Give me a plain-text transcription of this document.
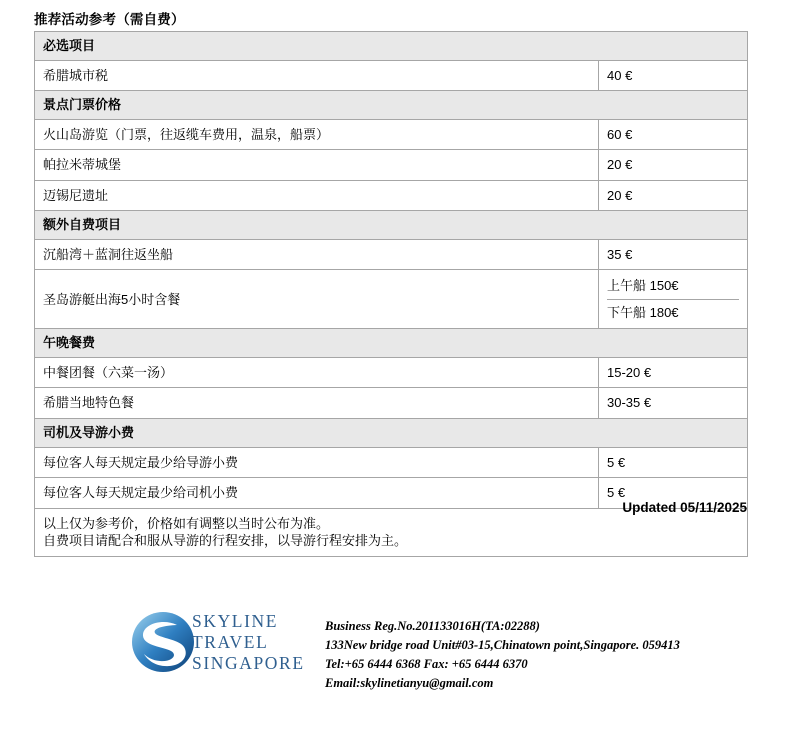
推荐活动参考（需自费）
必选项目	
希腊城市税	40 €
景点门票价格	
火山岛游览（门票，往返缆车费用，温泉，船票）	60 €
帕拉米蒂城堡	20 €
迈锡尼遗址	20 €
额外自费项目	
沉船湾＋蓝洞往返坐船	35 €
圣岛游艇出海5小时含餐	上午船 150€
下午船 180€

午晚餐费	
中餐团餐（六菜一汤）	15-20 €
希腊当地特色餐	30-35 €
司机及导游小费	
每位客人每天规定最少给导游小费	5 €
每位客人每天规定最少给司机小费	5 €

以上仅为参考价，价格如有调整以当时公布为准。
自费项目请配合和服从导游的行程安排，以导游行程安排为主。	
Updated 05/11/2025
SKYLINE
TRAVEL
SINGAPORE
Business Reg.No.201133016H(TA:02288)
133New bridge road Unit#03-15,Chinatown point,Singapore. 059413
Tel:+65 6444 6368 Fax: +65 6444 6370
Email:skylinetianyu@gmail.com
